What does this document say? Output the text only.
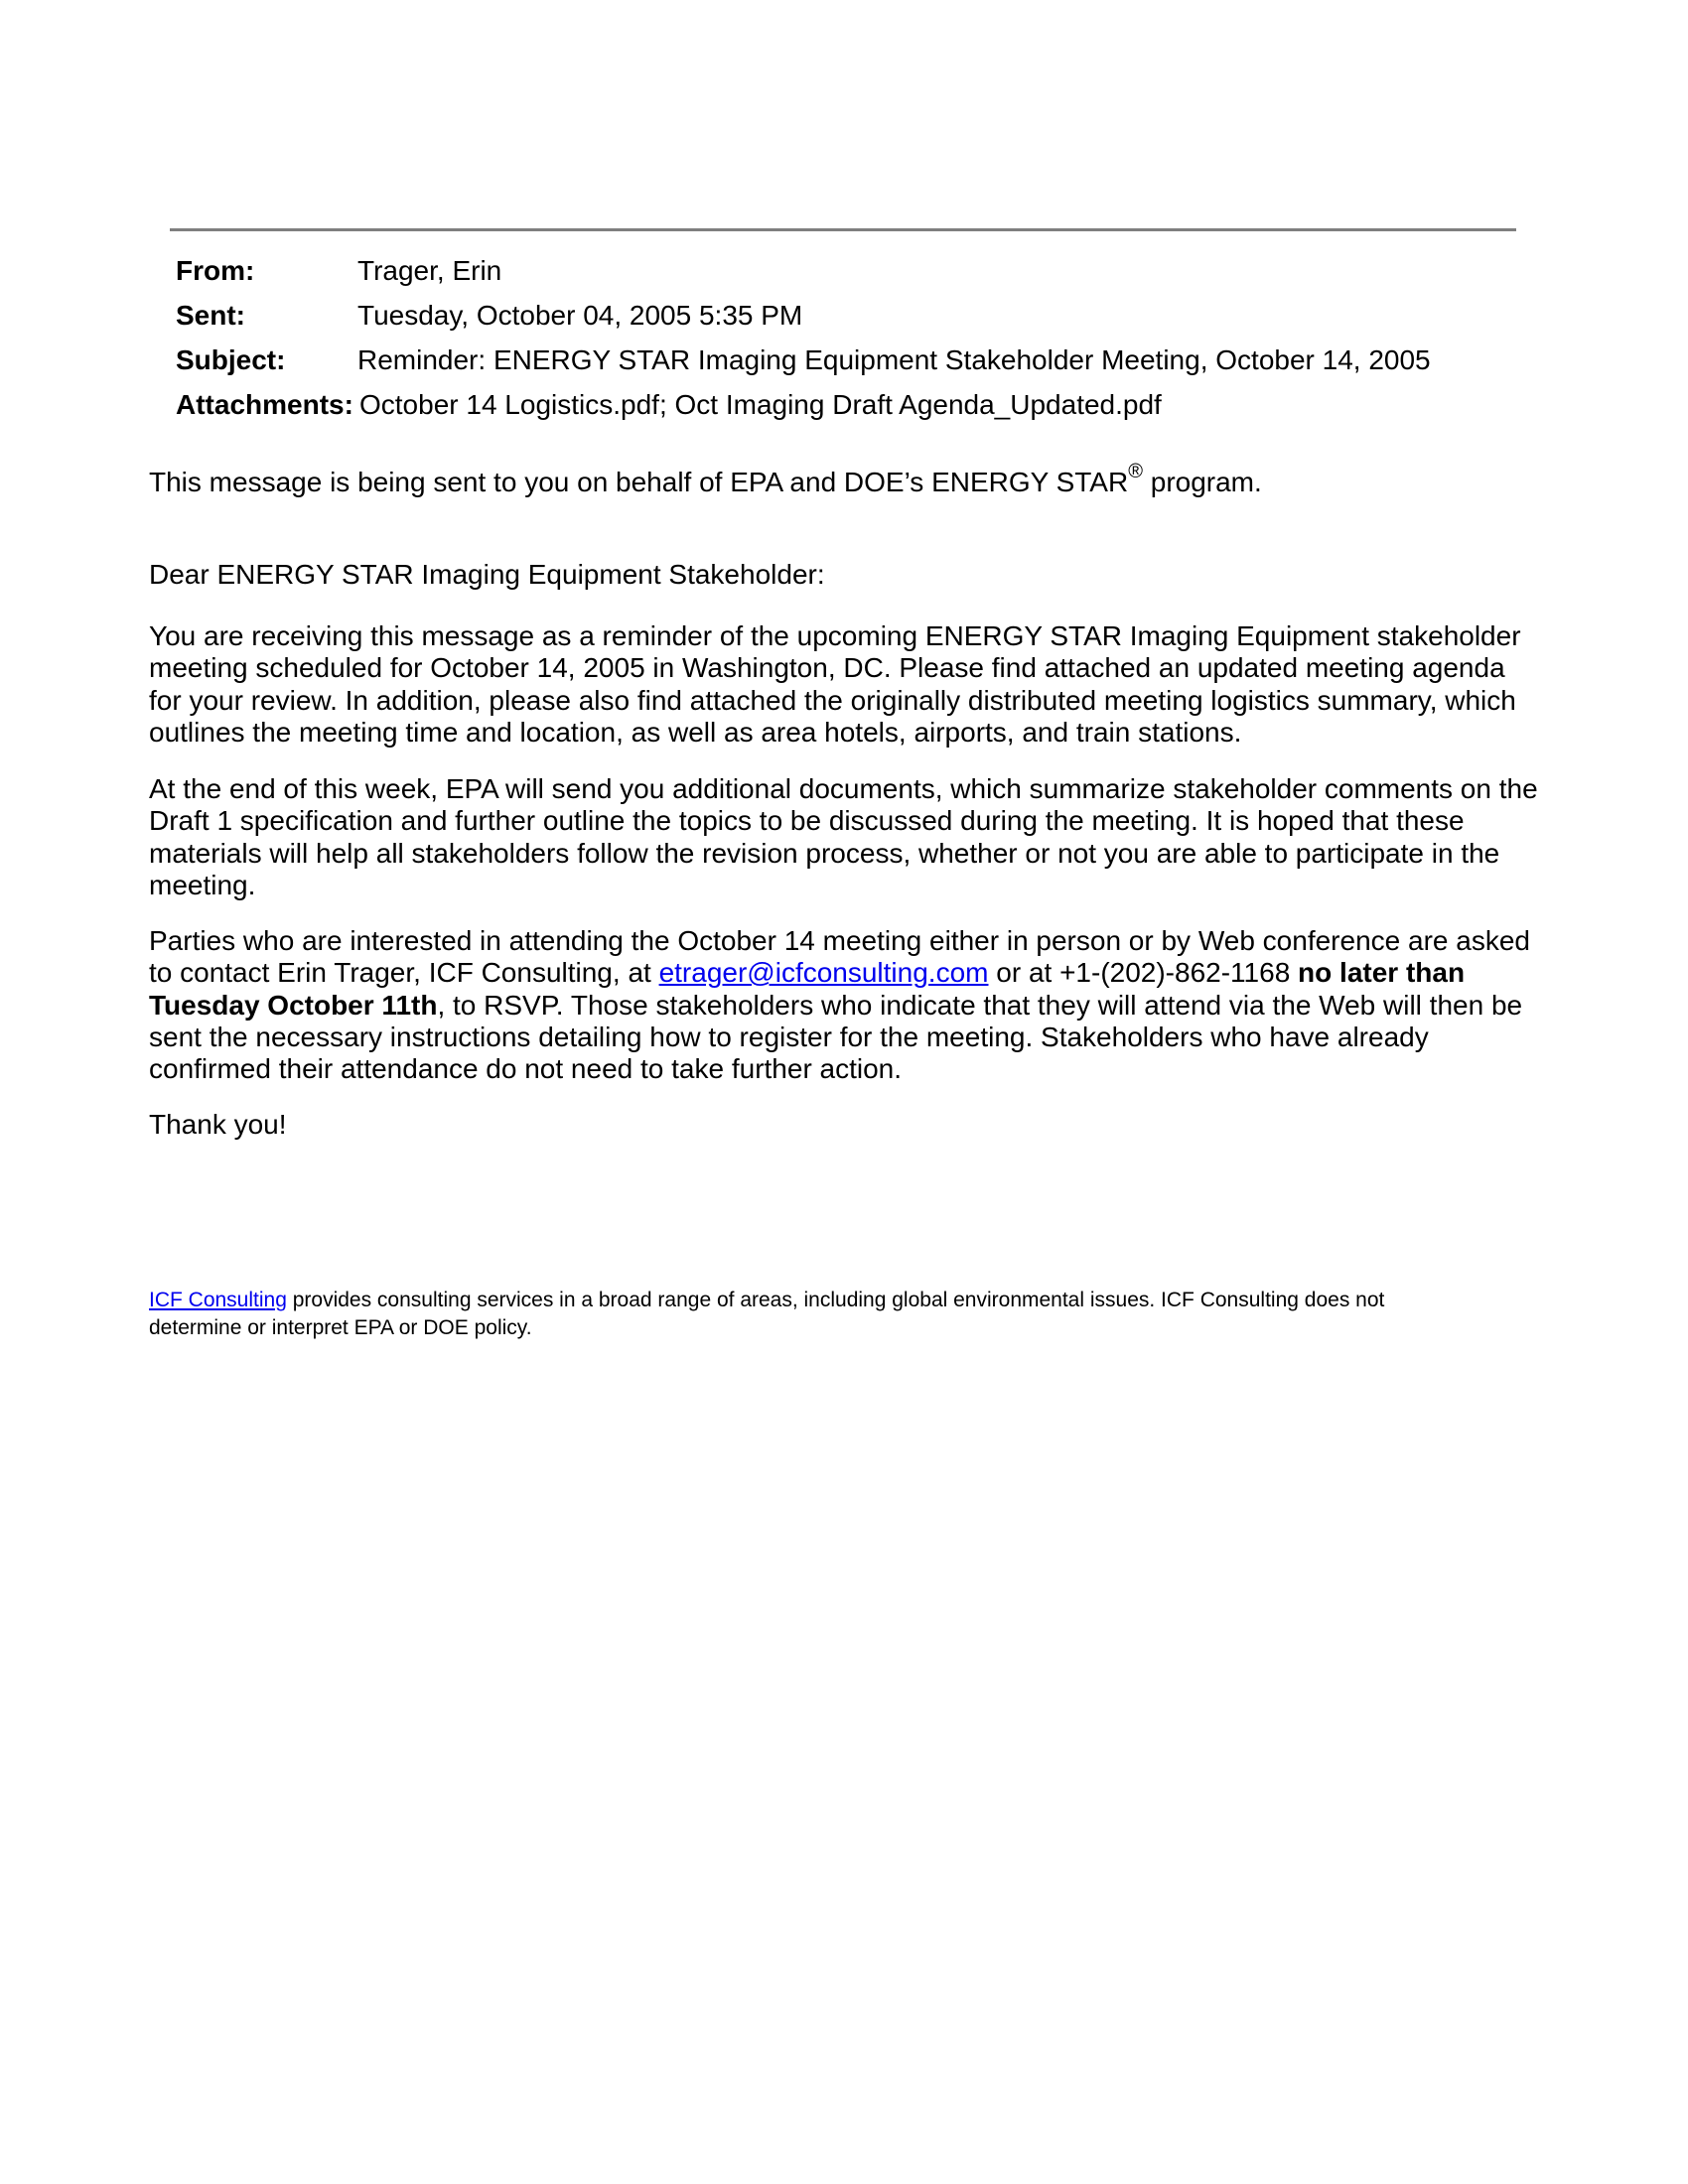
From:	Trager, Erin
Sent:	Tuesday, October 04, 2005 5:35 PM
Subject:	Reminder: ENERGY STAR Imaging Equipment Stakeholder Meeting, October 14, 2005
Attachments: October 14 Logistics.pdf; Oct Imaging Draft Agenda_Updated.pdf
This message is being sent to you on behalf of EPA and DOE’s ENERGY STAR® program.
Dear ENERGY STAR Imaging Equipment Stakeholder:

You are receiving this message as a reminder of the upcoming ENERGY STAR Imaging Equipment stakeholder meeting scheduled for October 14, 2005 in Washington, DC. Please find attached an updated meeting agenda for your review. In addition, please also find attached the originally distributed meeting logistics summary, which outlines the meeting time and location, as well as area hotels, airports, and train stations.

At the end of this week, EPA will send you additional documents, which summarize stakeholder comments on the Draft 1 specification and further outline the topics to be discussed during the meeting. It is hoped that these materials will help all stakeholders follow the revision process, whether or not you are able to participate in the meeting.

Parties who are interested in attending the October 14 meeting either in person or by Web conference are asked to contact Erin Trager, ICF Consulting, at etrager@icfconsulting.com or at +1-(202)-862-1168 no later than Tuesday October 11th, to RSVP. Those stakeholders who indicate that they will attend via the Web will then be sent the necessary instructions detailing how to register for the meeting. Stakeholders who have already confirmed their attendance do not need to take further action.

Thank you!
ICF Consulting provides consulting services in a broad range of areas, including global environmental issues. ICF Consulting does not determine or interpret EPA or DOE policy.
